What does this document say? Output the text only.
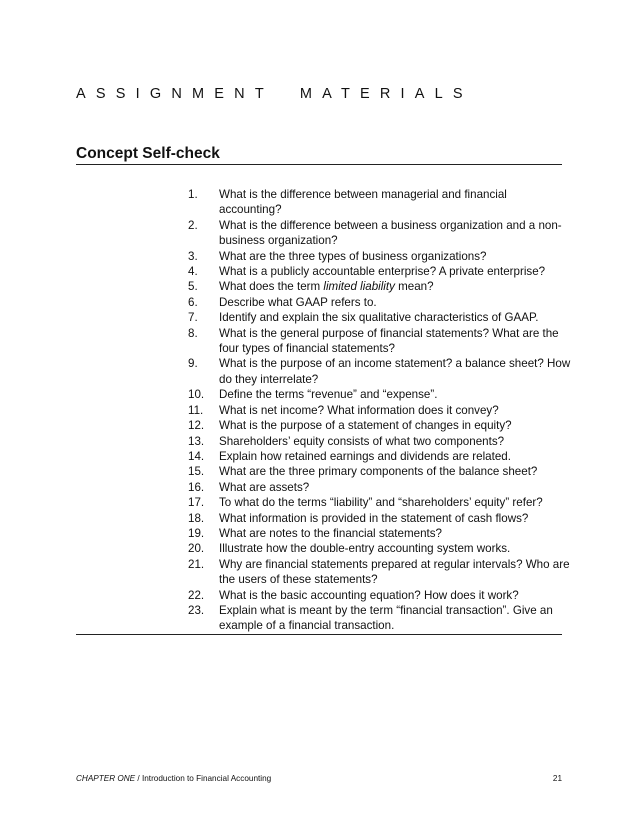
ASSIGNMENT MATERIALS
Concept Self-check
1. What is the difference between managerial and financial accounting?
2. What is the difference between a business organization and a non-business organization?
3. What are the three types of business organizations?
4. What is a publicly accountable enterprise? A private enterprise?
5. What does the term limited liability mean?
6. Describe what GAAP refers to.
7. Identify and explain the six qualitative characteristics of GAAP.
8. What is the general purpose of financial statements? What are the four types of financial statements?
9. What is the purpose of an income statement? a balance sheet? How do they interrelate?
10. Define the terms “revenue” and “expense”.
11. What is net income? What information does it convey?
12. What is the purpose of a statement of changes in equity?
13. Shareholders’ equity consists of what two components?
14. Explain how retained earnings and dividends are related.
15. What are the three primary components of the balance sheet?
16. What are assets?
17. To what do the terms “liability” and “shareholders’ equity” refer?
18. What information is provided in the statement of cash flows?
19. What are notes to the financial statements?
20. Illustrate how the double-entry accounting system works.
21. Why are financial statements prepared at regular intervals? Who are the users of these statements?
22. What is the basic accounting equation? How does it work?
23. Explain what is meant by the term “financial transaction”. Give an example of a financial transaction.
CHAPTER ONE / Introduction to Financial Accounting	21
